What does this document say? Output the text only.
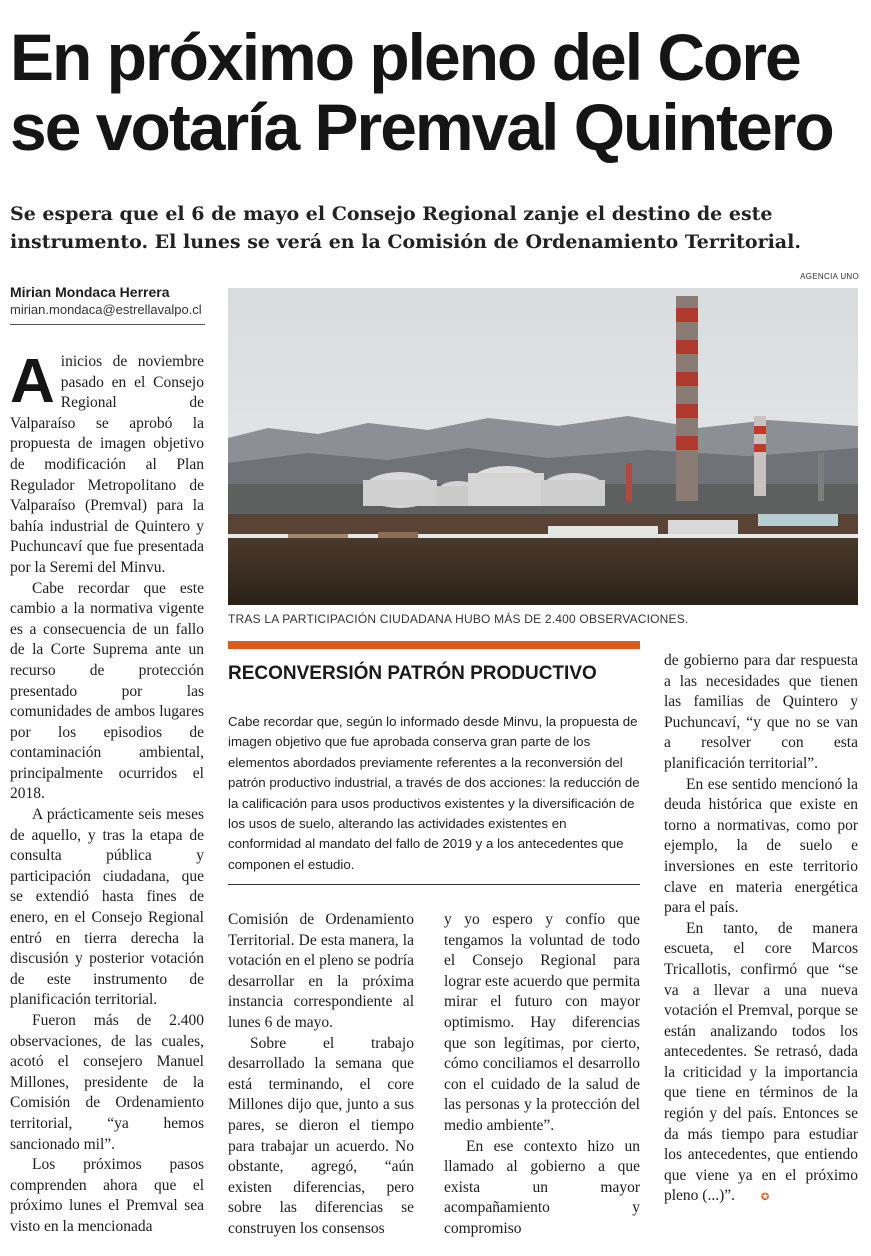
En próximo pleno del Core se votaría Premval Quintero

Se espera que el 6 de mayo el Consejo Regional zanje el destino de este instrumento. El lunes se verá en la Comisión de Ordenamiento Territorial.

Mirian Mondaca Herrera
mirian.mondaca@estrellavalpo.cl
AGENCIA UNO
TRAS LA PARTICIPACIÓN CIUDADANA HUBO MÁS DE 2.400 OBSERVACIONES.

A inicios de noviembre pasado en el Consejo Regional de Valparaíso se aprobó la propuesta de imagen objetivo de modificación al Plan Regulador Metropolitano de Valparaíso (Premval) para la bahía industrial de Quintero y Puchuncaví que fue presentada por la Seremi del Minvu.

Cabe recordar que este cambio a la normativa vigente es a consecuencia de un fallo de la Corte Suprema ante un recurso de protección presentado por las comunidades de ambos lugares por los episodios de contaminación ambiental, principalmente ocurridos el 2018.

A prácticamente seis meses de aquello, y tras la etapa de consulta pública y participación ciudadana, que se extendió hasta fines de enero, en el Consejo Regional entró en tierra derecha la discusión y posterior votación de este instrumento de planificación territorial.

Fueron más de 2.400 observaciones, de las cuales, acotó el consejero Manuel Millones, presidente de la Comisión de Ordenamiento territorial, “ya hemos sancionado mil”.

Los próximos pasos comprenden ahora que el próximo lunes el Premval sea visto en la mencionada

RECONVERSIÓN PATRÓN PRODUCTIVO
Cabe recordar que, según lo informado desde Minvu, la propuesta de imagen objetivo que fue aprobada conserva gran parte de los elementos abordados previamente referentes a la reconversión del patrón productivo industrial, a través de dos acciones: la reducción de la calificación para usos productivos existentes y la diversificación de los usos de suelo, alterando las actividades existentes en conformidad al mandato del fallo de 2019 y a los antecedentes que componen el estudio.

Comisión de Ordenamiento Territorial. De esta manera, la votación en el pleno se podría desarrollar en la próxima instancia correspondiente al lunes 6 de mayo.

Sobre el trabajo desarrollado la semana que está terminando, el core Millones dijo que, junto a sus pares, se dieron el tiempo para trabajar un acuerdo. No obstante, agregó, “aún existen diferencias, pero sobre las diferencias se construyen los consensos

y yo espero y confío que tengamos la voluntad de todo el Consejo Regional para lograr este acuerdo que permita mirar el futuro con mayor optimismo. Hay diferencias que son legítimas, por cierto, cómo conciliamos el desarrollo con el cuidado de la salud de las personas y la protección del medio ambiente”.

En ese contexto hizo un llamado al gobierno a que exista un mayor acompañamiento y compromiso

de gobierno para dar respuesta a las necesidades que tienen las familias de Quintero y Puchuncaví, “y que no se van a resolver con esta planificación territorial”.

En ese sentido mencionó la deuda histórica que existe en torno a normativas, como por ejemplo, la de suelo e inversiones en este territorio clave en materia energética para el país.

En tanto, de manera escueta, el core Marcos Tricallotis, confirmó que “se va a llevar a una nueva votación el Premval, porque se están analizando todos los antecedentes. Se retrasó, dada la criticidad y la importancia que tiene en términos de la región y del país. Entonces se da más tiempo para estudiar los antecedentes, que entiendo que viene ya en el próximo pleno (...)”.	✪
